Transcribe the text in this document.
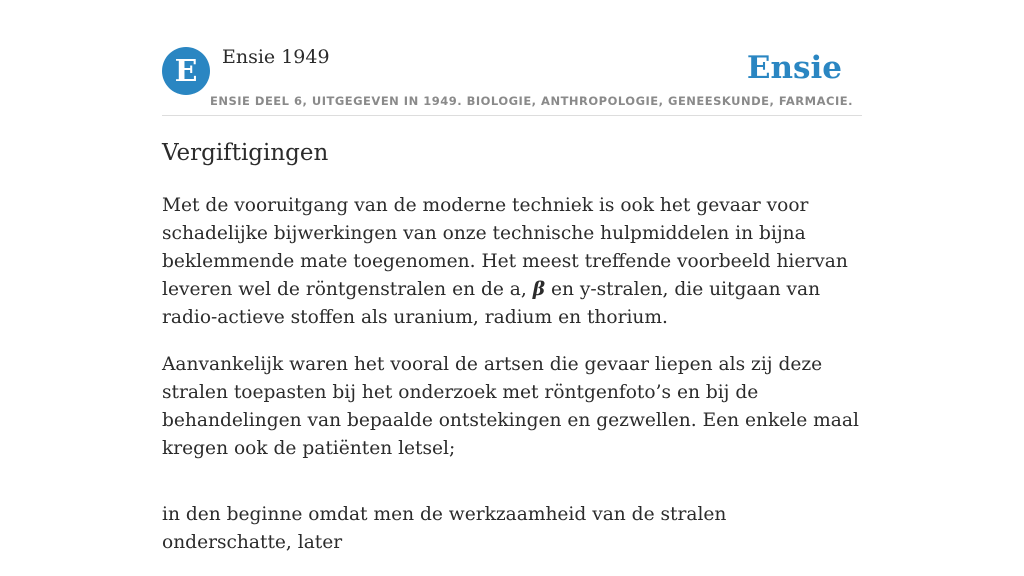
E Ensie 1949	Ensie
ENSIE DEEL 6, UITGEGEVEN IN 1949. BIOLOGIE, ANTHROPOLOGIE, GENEESKUNDE, FARMACIE.
Vergiftigingen

Met de vooruitgang van de moderne techniek is ook het gevaar voor schadelijke bijwerkingen van onze technische hulpmiddelen in bijna beklemmende mate toegenomen. Het meest treffende voorbeeld hiervan leveren wel de röntgenstralen en de a, β en y-stralen, die uitgaan van radio-actieve stoffen als uranium, radium en thorium.

Aanvankelijk waren het vooral de artsen die gevaar liepen als zij deze stralen toepasten bij het onderzoek met röntgenfoto’s en bij de behandelingen van bepaalde ontstekingen en gezwellen. Een enkele maal kregen ook de patiënten letsel;

in den beginne omdat men de werkzaamheid van de stralen onderschatte, later
